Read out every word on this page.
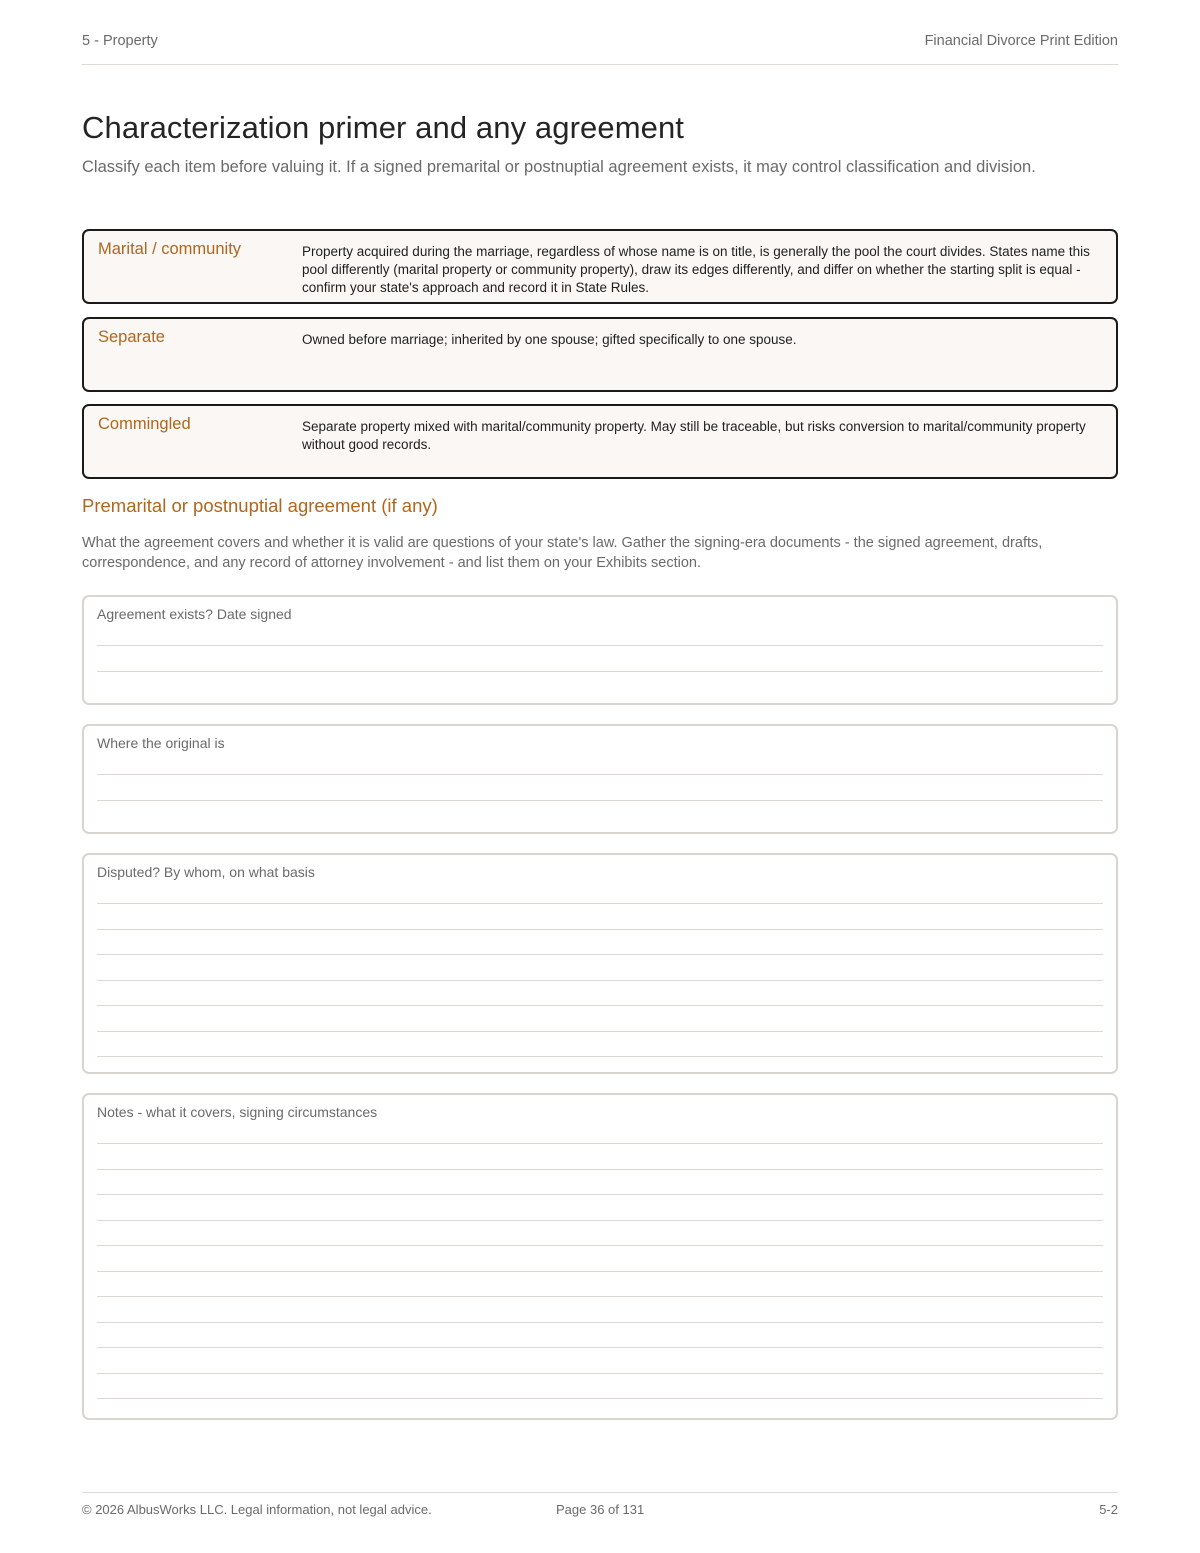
5 - Property	Financial Divorce Print Edition
Characterization primer and any agreement

Classify each item before valuing it. If a signed premarital or postnuptial agreement exists, it may control classification and division.

Marital / community	Property acquired during the marriage, regardless of whose name is on title, is generally the pool the court divides. States name this pool differently (marital property or community property), draw its edges differently, and differ on whether the starting split is equal - confirm your state's approach and record it in State Rules.
Separate	Owned before marriage; inherited by one spouse; gifted specifically to one spouse.
Commingled	Separate property mixed with marital/community property. May still be traceable, but risks conversion to marital/community property without good records.
Premarital or postnuptial agreement (if any)

What the agreement covers and whether it is valid are questions of your state's law. Gather the signing-era documents - the signed agreement, drafts, correspondence, and any record of attorney involvement - and list them on your Exhibits section.

Agreement exists? Date signed
Where the original is
Disputed? By whom, on what basis
Notes - what it covers, signing circumstances
© 2026 AlbusWorks LLC. Legal information, not legal advice.	Page 36 of 131	5-2
